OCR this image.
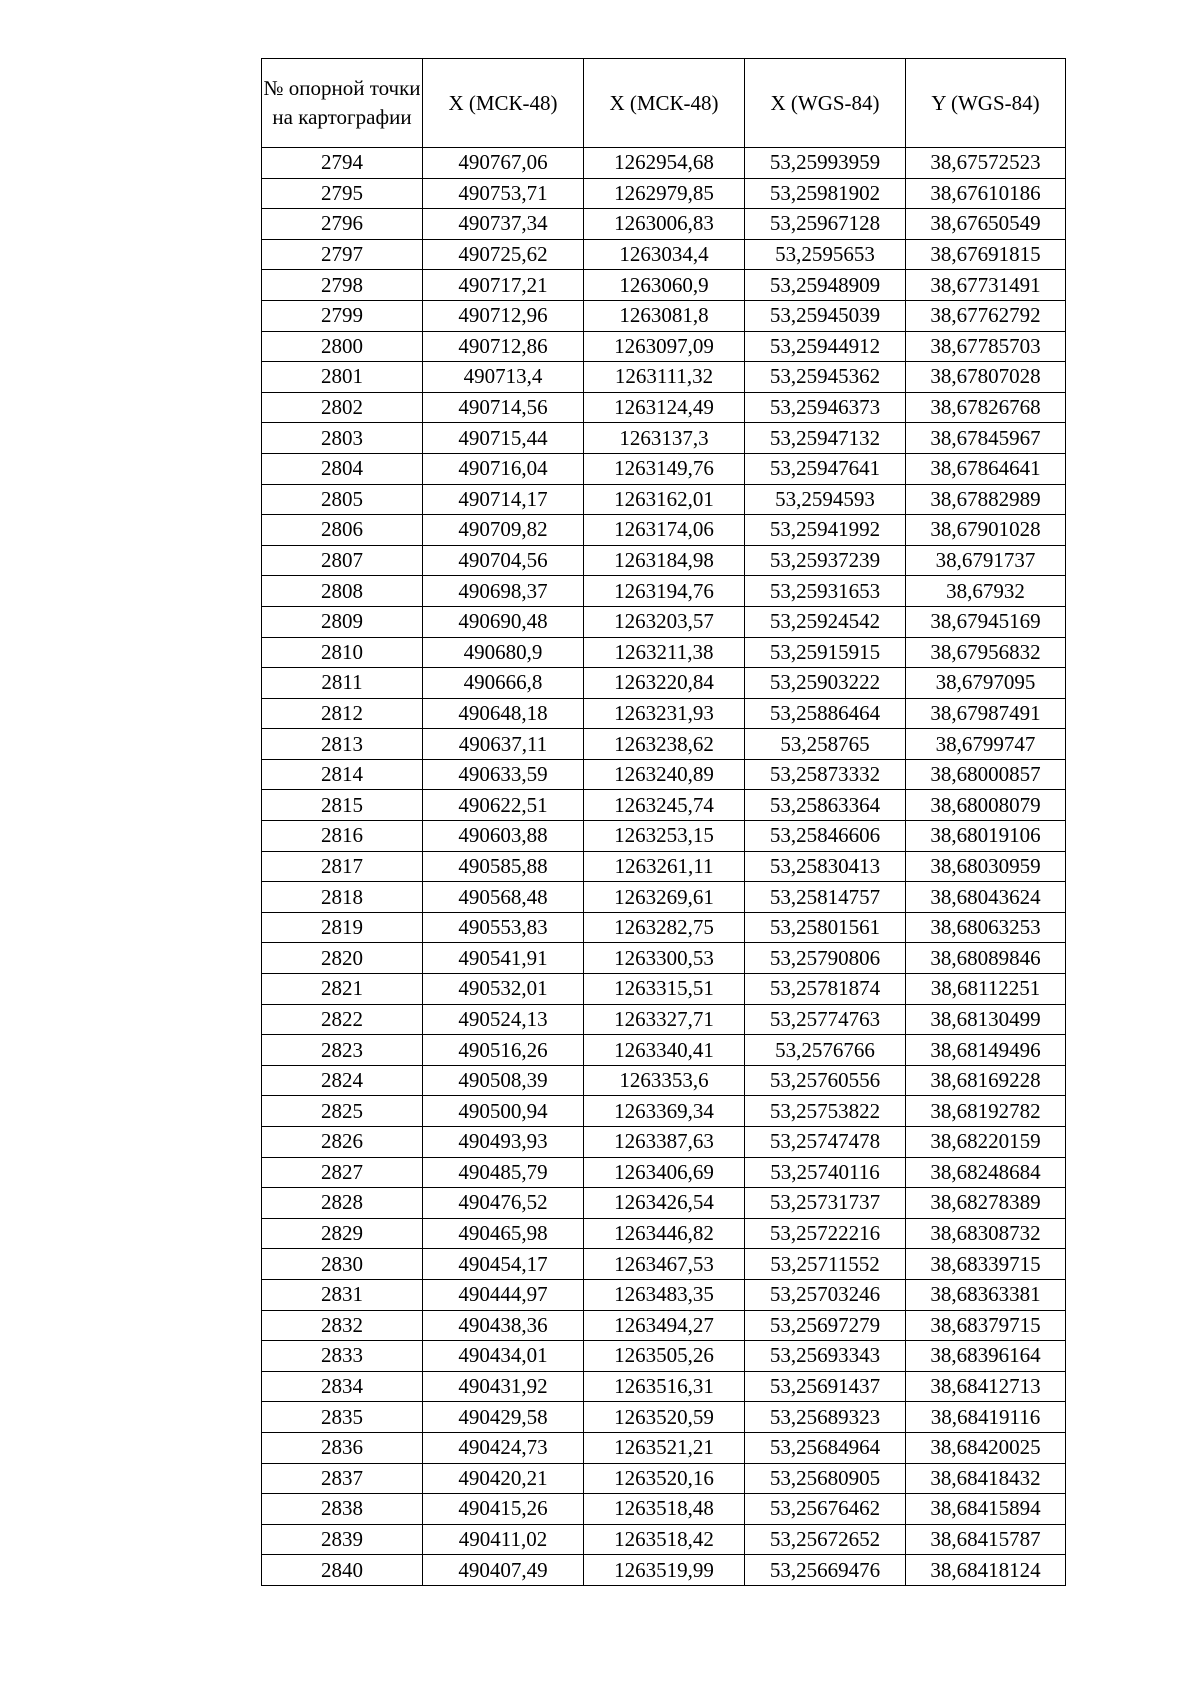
№ опорной точки на картографии	X (МСК-48)	X (МСК-48)	X (WGS-84)	Y (WGS-84)
2794	490767,06	1262954,68	53,25993959	38,67572523
2795	490753,71	1262979,85	53,25981902	38,67610186
2796	490737,34	1263006,83	53,25967128	38,67650549
2797	490725,62	1263034,4	53,2595653	38,67691815
2798	490717,21	1263060,9	53,25948909	38,67731491
2799	490712,96	1263081,8	53,25945039	38,67762792
2800	490712,86	1263097,09	53,25944912	38,67785703
2801	490713,4	1263111,32	53,25945362	38,67807028
2802	490714,56	1263124,49	53,25946373	38,67826768
2803	490715,44	1263137,3	53,25947132	38,67845967
2804	490716,04	1263149,76	53,25947641	38,67864641
2805	490714,17	1263162,01	53,2594593	38,67882989
2806	490709,82	1263174,06	53,25941992	38,67901028
2807	490704,56	1263184,98	53,25937239	38,6791737
2808	490698,37	1263194,76	53,25931653	38,67932
2809	490690,48	1263203,57	53,25924542	38,67945169
2810	490680,9	1263211,38	53,25915915	38,67956832
2811	490666,8	1263220,84	53,25903222	38,6797095
2812	490648,18	1263231,93	53,25886464	38,67987491
2813	490637,11	1263238,62	53,258765	38,6799747
2814	490633,59	1263240,89	53,25873332	38,68000857
2815	490622,51	1263245,74	53,25863364	38,68008079
2816	490603,88	1263253,15	53,25846606	38,68019106
2817	490585,88	1263261,11	53,25830413	38,68030959
2818	490568,48	1263269,61	53,25814757	38,68043624
2819	490553,83	1263282,75	53,25801561	38,68063253
2820	490541,91	1263300,53	53,25790806	38,68089846
2821	490532,01	1263315,51	53,25781874	38,68112251
2822	490524,13	1263327,71	53,25774763	38,68130499
2823	490516,26	1263340,41	53,2576766	38,68149496
2824	490508,39	1263353,6	53,25760556	38,68169228
2825	490500,94	1263369,34	53,25753822	38,68192782
2826	490493,93	1263387,63	53,25747478	38,68220159
2827	490485,79	1263406,69	53,25740116	38,68248684
2828	490476,52	1263426,54	53,25731737	38,68278389
2829	490465,98	1263446,82	53,25722216	38,68308732
2830	490454,17	1263467,53	53,25711552	38,68339715
2831	490444,97	1263483,35	53,25703246	38,68363381
2832	490438,36	1263494,27	53,25697279	38,68379715
2833	490434,01	1263505,26	53,25693343	38,68396164
2834	490431,92	1263516,31	53,25691437	38,68412713
2835	490429,58	1263520,59	53,25689323	38,68419116
2836	490424,73	1263521,21	53,25684964	38,68420025
2837	490420,21	1263520,16	53,25680905	38,68418432
2838	490415,26	1263518,48	53,25676462	38,68415894
2839	490411,02	1263518,42	53,25672652	38,68415787
2840	490407,49	1263519,99	53,25669476	38,68418124
